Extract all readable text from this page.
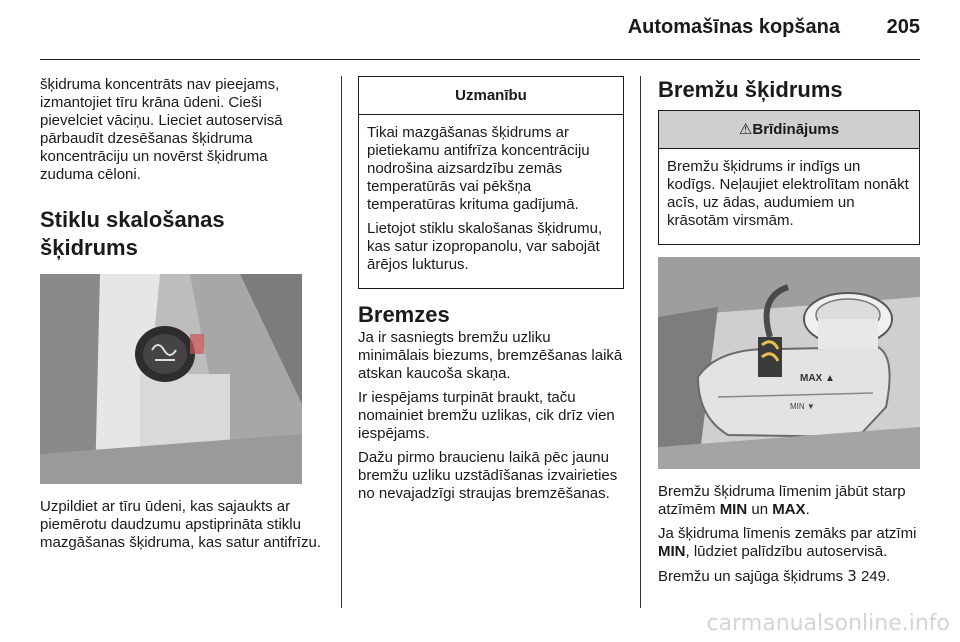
Automašīnas kopšana 205

šķidruma koncentrāts nav pieejams, izmantojiet tīru krāna ūdeni. Cieši pievelciet vāciņu. Lieciet autoservisā pārbaudīt dzesēšanas šķidruma koncentrāciju un novērst šķidruma zuduma cēloni.

Stiklu skalošanas
šķidrums

Uzpildiet ar tīru ūdeni, kas sajaukts ar piemērotu daudzumu apstiprināta stiklu mazgāšanas šķidruma, kas satur antifrīzu.

Uzmanību

Tikai mazgāšanas šķidrums ar pietiekamu antifrīza koncentrāciju nodrošina aizsardzību zemās temperatūrās vai pēkšņa temperatūras krituma gadījumā.

Lietojot stiklu skalošanas šķidrumu, kas satur izopropanolu, var sabojāt ārējos lukturus.

Bremzes

Ja ir sasniegts bremžu uzliku minimālais biezums, bremzēšanas laikā atskan kaucoša skaņa.

Ir iespējams turpināt braukt, taču nomainiet bremžu uzlikas, cik drīz vien iespējams.

Dažu pirmo braucienu laikā pēc jaunu bremžu uzliku uzstādīšanas izvairieties no nevajadzīgi straujas bremzēšanas.

Bremžu šķidrums
⚠Brīdinājums

Bremžu šķidrums ir indīgs un kodīgs. Neļaujiet elektrolītam nonākt acīs, uz ādas, audumiem un krāsotām virsmām.

MAX ▲
MIN ▼

Bremžu šķidruma līmenim jābūt starp atzīmēm MIN un MAX.

Ja šķidruma līmenis zemāks par atzīmi MIN, lūdziet palīdzību autoservisā.

Bremžu un sajūga šķidrums 3 249.

carmanualsonline.info
